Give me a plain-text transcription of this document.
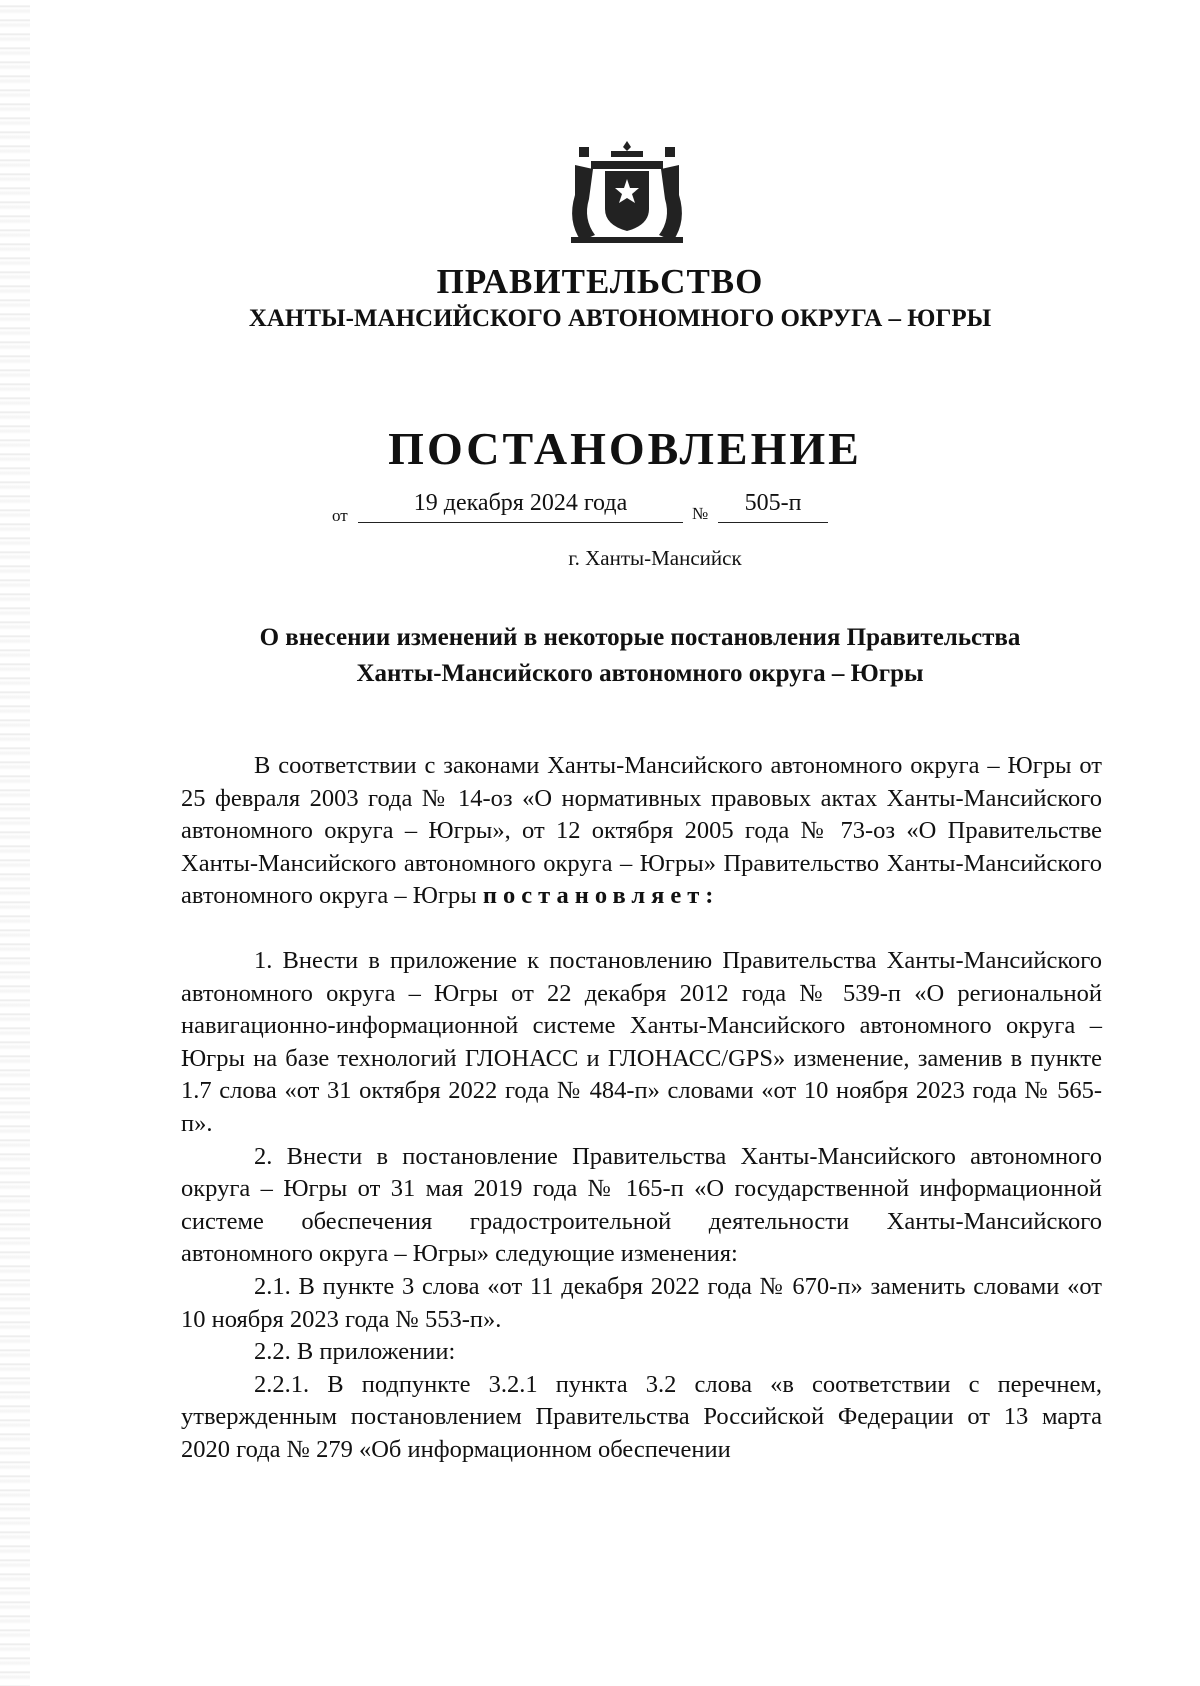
ПРАВИТЕЛЬСТВО
ХАНТЫ-МАНСИЙСКОГО АВТОНОМНОГО ОКРУГА – ЮГРЫ
ПОСТАНОВЛЕНИЕ
от	19 декабря 2024 года	№	505-п
г. Ханты-Мансийск
О внесении изменений в некоторые постановления Правительства
Ханты-Мансийского автономного округа – Югры

В соответствии с законами Ханты-Мансийского автономного округа – Югры от 25 февраля 2003 года № 14-оз «О нормативных правовых актах Ханты-Мансийского автономного округа – Югры», от 12 октября 2005 года № 73-оз «О Правительстве Ханты-Мансийского автономного округа – Югры» Правительство Ханты-Мансийского автономного округа – Югры постановляет:

1. Внести в приложение к постановлению Правительства Ханты-Мансийского автономного округа – Югры от 22 декабря 2012 года № 539-п «О региональной навигационно-информационной системе Ханты-Мансийского автономного округа – Югры на базе технологий ГЛОНАСС и ГЛОНАСС/GPS» изменение, заменив в пункте 1.7 слова «от 31 октября 2022 года № 484-п» словами «от 10 ноября 2023 года № 565-п».

2. Внести в постановление Правительства Ханты-Мансийского автономного округа – Югры от 31 мая 2019 года № 165-п «О государственной информационной системе обеспечения градостроительной деятельности Ханты-Мансийского автономного округа – Югры» следующие изменения:

2.1. В пункте 3 слова «от 11 декабря 2022 года № 670-п» заменить словами «от 10 ноября 2023 года № 553-п».

2.2. В приложении:

2.2.1. В подпункте 3.2.1 пункта 3.2 слова «в соответствии с перечнем, утвержденным постановлением Правительства Российской Федерации от 13 марта 2020 года № 279 «Об информационном обеспечении
